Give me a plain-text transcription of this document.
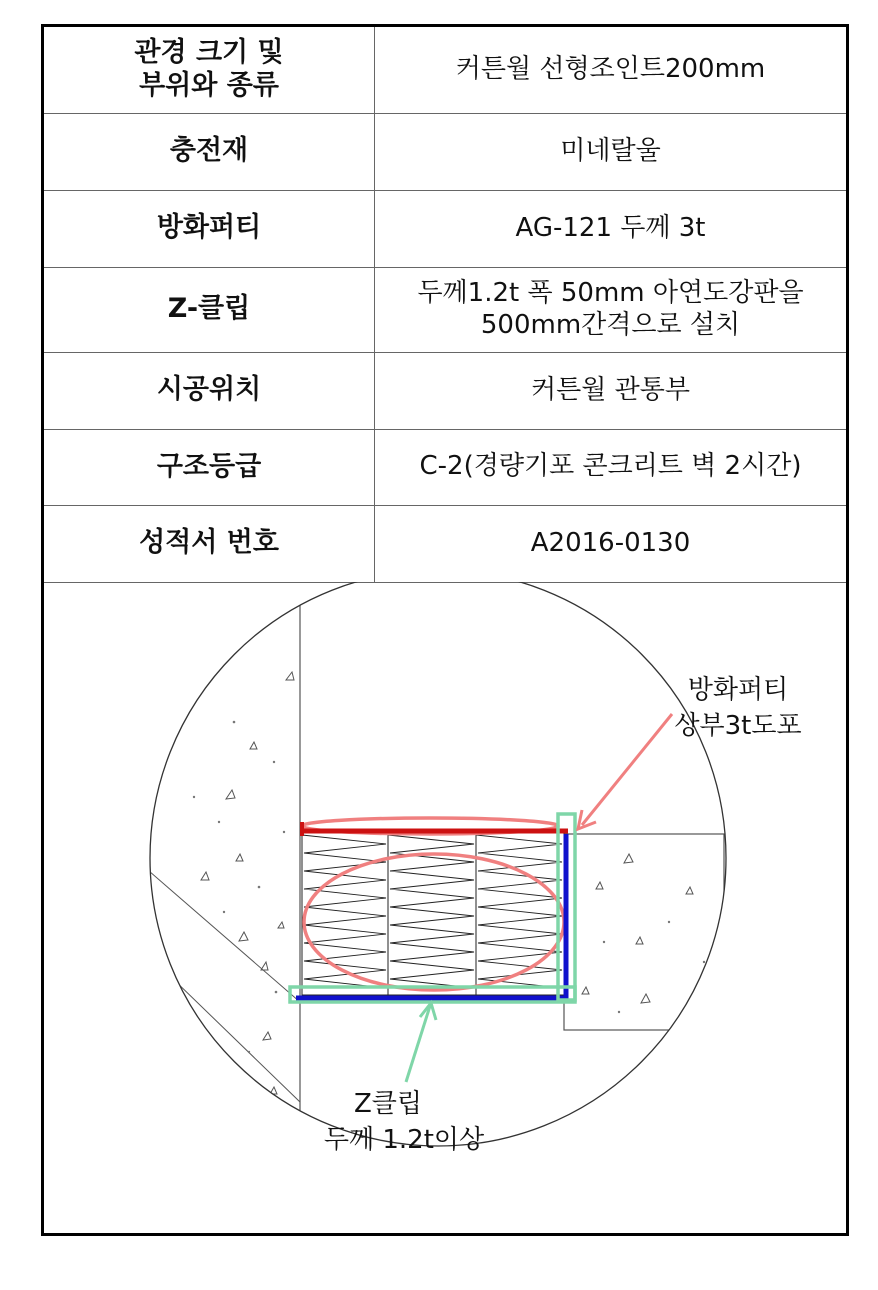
관경 크기 및
부위와 종류	커튼월 선형조인트200mm
충전재	미네랄울
방화퍼티	AG-121 두께 3t
Z-클립	두께1.2t 폭 50mm 아연도강판을
500mm간격으로 설치
시공위치	커튼월 관통부
구조등급	C-2(경량기포 콘크리트 벽 2시간)
성적서 번호	A2016-0130
방화퍼티
상부3t도포
Z클립
두께 1.2t이상
